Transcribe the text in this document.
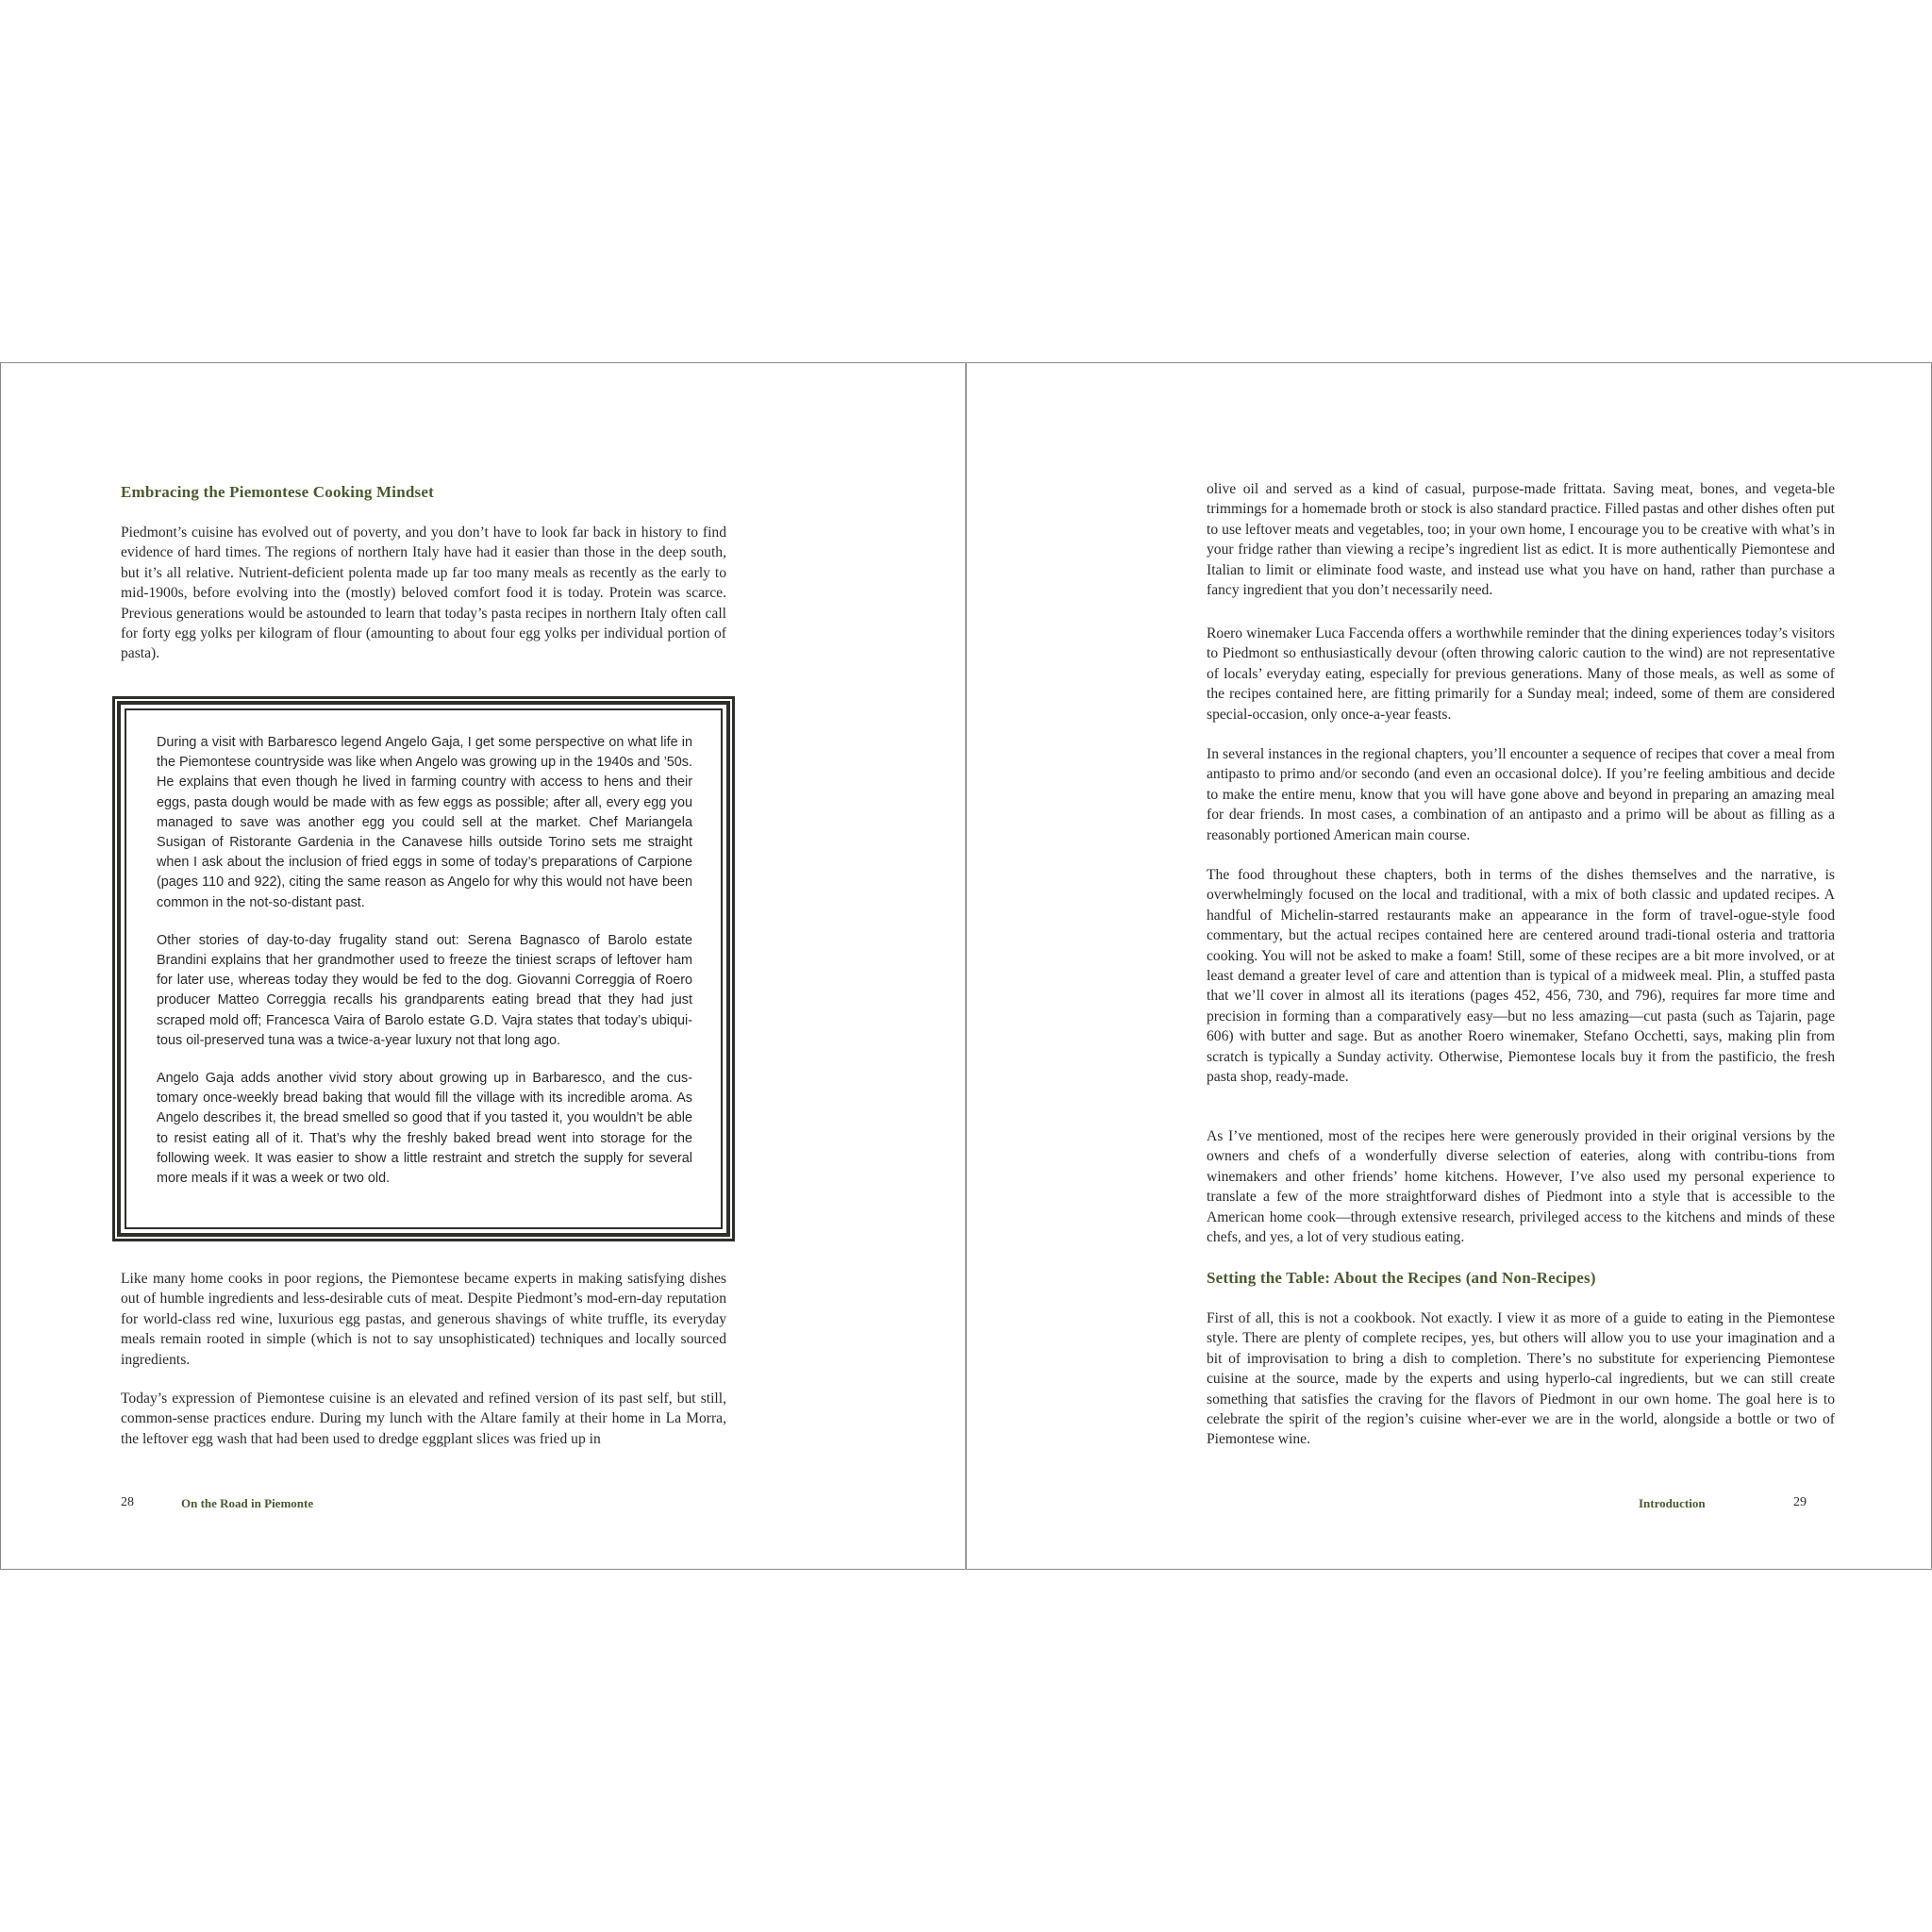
Embracing the Piemontese Cooking Mindset
Piedmont’s cuisine has evolved out of poverty, and you don’t have to look far back in history to find evidence of hard times. The regions of northern Italy have had it easier than those in the deep south, but it’s all relative. Nutrient-deficient polenta made up far too many meals as recently as the early to mid-1900s, before evolving into the (mostly) beloved comfort food it is today. Protein was scarce. Previous generations would be astounded to learn that today’s pasta recipes in northern Italy often call for forty egg yolks per kilogram of flour (amounting to about four egg yolks per individual portion of pasta).
During a visit with Barbaresco legend Angelo Gaja, I get some perspective on what life in the Piemontese countryside was like when Angelo was growing up in the 1940s and ’50s. He explains that even though he lived in farming country with access to hens and their eggs, pasta dough would be made with as few eggs as possible; after all, every egg you managed to save was another egg you could sell at the market. Chef Mariangela Susigan of Ristorante Gardenia in the Canavese hills outside Torino sets me straight when I ask about the inclusion of fried eggs in some of today’s preparations of Carpione (pages 110 and 922), citing the same reason as Angelo for why this would not have been common in the not-so-distant past.
Other stories of day-to-day frugality stand out: Serena Bagnasco of Barolo estate Brandini explains that her grandmother used to freeze the tiniest scraps of leftover ham for later use, whereas today they would be fed to the dog. Giovanni Correggia of Roero producer Matteo Correggia recalls his grandparents eating bread that they had just scraped mold off; Francesca Vaira of Barolo estate G.D. Vajra states that today’s ubiqui-tous oil-preserved tuna was a twice-a-year luxury not that long ago.
Angelo Gaja adds another vivid story about growing up in Barbaresco, and the cus-tomary once-weekly bread baking that would fill the village with its incredible aroma. As Angelo describes it, the bread smelled so good that if you tasted it, you wouldn’t be able to resist eating all of it. That’s why the freshly baked bread went into storage for the following week. It was easier to show a little restraint and stretch the supply for several more meals if it was a week or two old.
Like many home cooks in poor regions, the Piemontese became experts in making satisfying dishes out of humble ingredients and less-desirable cuts of meat. Despite Piedmont’s mod-ern-day reputation for world-class red wine, luxurious egg pastas, and generous shavings of white truffle, its everyday meals remain rooted in simple (which is not to say unsophisticated) techniques and locally sourced ingredients.
Today’s expression of Piemontese cuisine is an elevated and refined version of its past self, but still, common-sense practices endure. During my lunch with the Altare family at their home in La Morra, the leftover egg wash that had been used to dredge eggplant slices was fried up in
28	On the Road in Piemonte
olive oil and served as a kind of casual, purpose-made frittata. Saving meat, bones, and vegeta-ble trimmings for a homemade broth or stock is also standard practice. Filled pastas and other dishes often put to use leftover meats and vegetables, too; in your own home, I encourage you to be creative with what’s in your fridge rather than viewing a recipe’s ingredient list as edict. It is more authentically Piemontese and Italian to limit or eliminate food waste, and instead use what you have on hand, rather than purchase a fancy ingredient that you don’t necessarily need.
Roero winemaker Luca Faccenda offers a worthwhile reminder that the dining experiences today’s visitors to Piedmont so enthusiastically devour (often throwing caloric caution to the wind) are not representative of locals’ everyday eating, especially for previous generations. Many of those meals, as well as some of the recipes contained here, are fitting primarily for a Sunday meal; indeed, some of them are considered special-occasion, only once-a-year feasts.
In several instances in the regional chapters, you’ll encounter a sequence of recipes that cover a meal from antipasto to primo and/or secondo (and even an occasional dolce). If you’re feeling ambitious and decide to make the entire menu, know that you will have gone above and beyond in preparing an amazing meal for dear friends. In most cases, a combination of an antipasto and a primo will be about as filling as a reasonably portioned American main course.
The food throughout these chapters, both in terms of the dishes themselves and the narrative, is overwhelmingly focused on the local and traditional, with a mix of both classic and updated recipes. A handful of Michelin-starred restaurants make an appearance in the form of travel-ogue-style food commentary, but the actual recipes contained here are centered around tradi-tional osteria and trattoria cooking. You will not be asked to make a foam! Still, some of these recipes are a bit more involved, or at least demand a greater level of care and attention than is typical of a midweek meal. Plin, a stuffed pasta that we’ll cover in almost all its iterations (pages 452, 456, 730, and 796), requires far more time and precision in forming than a comparatively easy—but no less amazing—cut pasta (such as Tajarin, page 606) with butter and sage. But as another Roero winemaker, Stefano Occhetti, says, making plin from scratch is typically a Sunday activity. Otherwise, Piemontese locals buy it from the pastificio, the fresh pasta shop, ready-made.
As I’ve mentioned, most of the recipes here were generously provided in their original versions by the owners and chefs of a wonderfully diverse selection of eateries, along with contribu-tions from winemakers and other friends’ home kitchens. However, I’ve also used my personal experience to translate a few of the more straightforward dishes of Piedmont into a style that is accessible to the American home cook—through extensive research, privileged access to the kitchens and minds of these chefs, and yes, a lot of very studious eating.
Setting the Table: About the Recipes (and Non-Recipes)
First of all, this is not a cookbook. Not exactly. I view it as more of a guide to eating in the Piemontese style. There are plenty of complete recipes, yes, but others will allow you to use your imagination and a bit of improvisation to bring a dish to completion. There’s no substitute for experiencing Piemontese cuisine at the source, made by the experts and using hyperlo-cal ingredients, but we can still create something that satisfies the craving for the flavors of Piedmont in our own home. The goal here is to celebrate the spirit of the region’s cuisine wher-ever we are in the world, alongside a bottle or two of Piemontese wine.
Introduction	29
